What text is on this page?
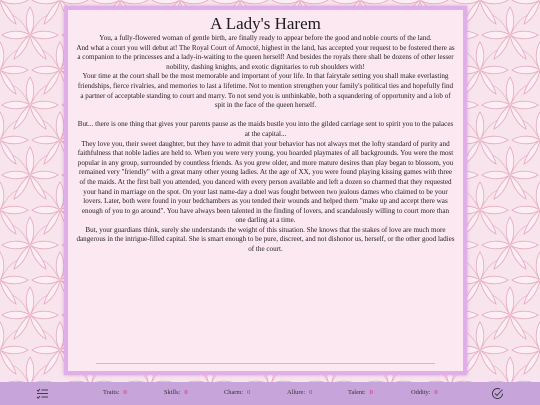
A Lady's Harem

You, a fully-flowered woman of gentle birth, are finally ready to appear before the good and noble courts of the land.

And what a court you will debut at! The Royal Court of Amocté, highest in the land, has accepted your request to be fostered there as a companion to the princesses and a lady-in-waiting to the queen herself! And besides the royals there shall be dozens of other lesser nobility, dashing knights, and exotic dignitaries to rub shoulders with!

Your time at the court shall be the most memorable and important of your life. In that fairytale setting you shall make everlasting friendships, fierce rivalries, and memories to last a lifetime. Not to mention strengthen your family's political ties and hopefully find a partner of acceptable standing to court and marry. To not send you is unthinkable, both a squandering of opportunity and a lob of spit in the face of the queen herself.

But... there is one thing that gives your parents pause as the maids bustle you into the gilded carriage sent to spirit you to the palaces at the capital...

They love you, their sweet daughter, but they have to admit that your behavior has not always met the lofty standard of purity and faithfulness that noble ladies are held to. When you were very young, you hoarded playmates of all backgrounds. You were the most popular in any group, surrounded by countless friends. As you grew older, and more mature desires than play began to blossom, you remained very "friendly" with a great many other young ladies. At the age of XX, you were found playing kissing games with three of the maids. At the first ball you attended, you danced with every person available and left a dozen so charmed that they requested your hand in marriage on the spot. On your last name-day a duel was fought between two jealous dames who claimed to be your lovers. Later, both were found in your bedchambers as you tended their wounds and helped them "make up and accept there was enough of you to go around". You have always been talented in the finding of lovers, and scandalously willing to court more than one darling at a time.

But, your guardians think, surely she understands the weight of this situation. She knows that the stakes of love are much more dangerous in the intrigue-filled capital. She is smart enough to be pure, discreet, and not dishonor us, herself, or the other good ladies of the court.

Traits: 0	Skills: 0	Charm: 0	Allure: 0	Talent: 0	Oddity: 0
